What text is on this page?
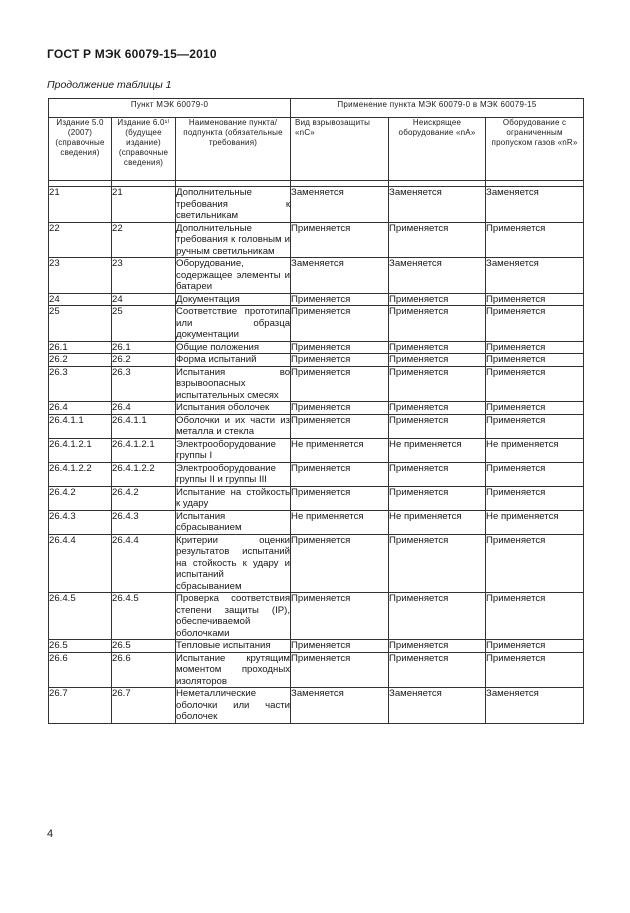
ГОСТ Р МЭК 60079-15—2010
Продолжение таблицы 1
Пункт МЭК 60079-0			Применение пункта МЭК 60079-0 в МЭК 60079-15		
Издание 5.0 (2007) (справочные сведения)	Издание 6.0¹⁾ (будущее издание) (справочные сведения)	Наименование пункта/подпункта (обязательные требования)	Вид взрывозащиты «nC»	Неискрящее оборудование «nA»	Оборудование с ограниченным пропуском газов «nR»

21	21	Дополнительные требования к светильникам	Заменяется	Заменяется	Заменяется
22	22	Дополнительные требования к головным и ручным светильникам	Применяется	Применяется	Применяется
23	23	Оборудование, содержащее элементы и батареи	Заменяется	Заменяется	Заменяется
24	24	Документация	Применяется	Применяется	Применяется
25	25	Соответствие прототипа или образца документации	Применяется	Применяется	Применяется
26.1	26.1	Общие положения	Применяется	Применяется	Применяется
26.2	26.2	Форма испытаний	Применяется	Применяется	Применяется
26.3	26.3	Испытания во взрывоопасных испытательных смесях	Применяется	Применяется	Применяется
26.4	26.4	Испытания оболочек	Применяется	Применяется	Применяется
26.4.1.1	26.4.1.1	Оболочки и их части из металла и стекла	Применяется	Применяется	Применяется
26.4.1.2.1	26.4.1.2.1	Электрооборудование группы I	Не применяется	Не применяется	Не применяется
26.4.1.2.2	26.4.1.2.2	Электрооборудование группы II и группы III	Применяется	Применяется	Применяется
26.4.2	26.4.2	Испытание на стойкость к удару	Применяется	Применяется	Применяется
26.4.3	26.4.3	Испытания сбрасыванием	Не применяется	Не применяется	Не применяется
26.4.4	26.4.4	Критерии оценки результатов испытаний на стойкость к удару и испытаний сбрасыванием	Применяется	Применяется	Применяется
26.4.5	26.4.5	Проверка соответствия степени защиты (IP), обеспечиваемой оболочками	Применяется	Применяется	Применяется
26.5	26.5	Тепловые испытания	Применяется	Применяется	Применяется
26.6	26.6	Испытание крутящим моментом проходных изоляторов	Применяется	Применяется	Применяется
26.7	26.7	Неметаллические оболочки или части оболочек	Заменяется	Заменяется	Заменяется
4
